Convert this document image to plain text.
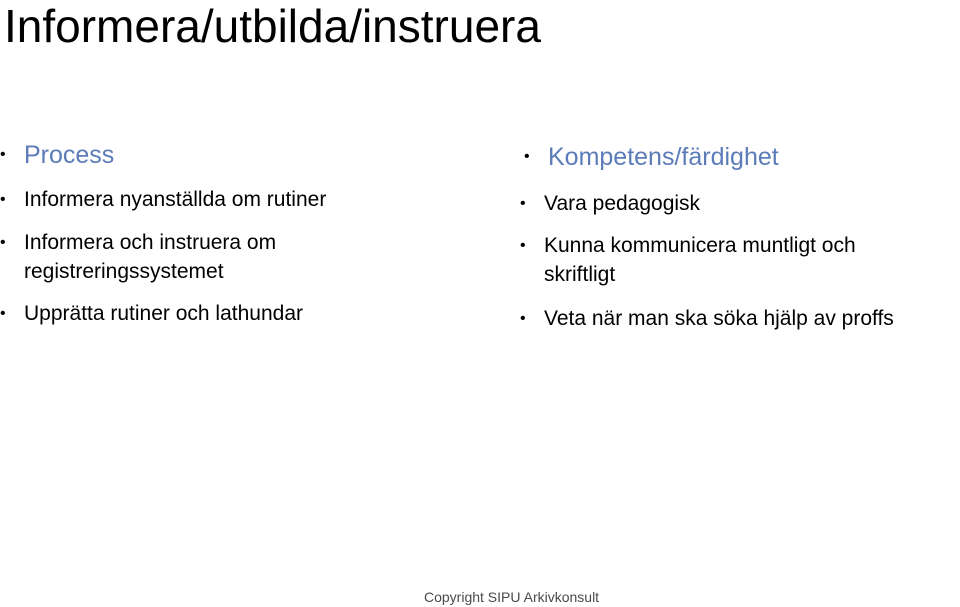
Informera/utbilda/instruera
• Process
• Informera nyanställda om rutiner
• Informera och instruera om
registreringssystemet
• Upprätta rutiner och lathundar
• Kompetens/färdighet
• Vara pedagogisk
• Kunna kommunicera muntligt och
skriftligt
• Veta när man ska söka hjälp av proffs
Copyright SIPU Arkivkonsult
